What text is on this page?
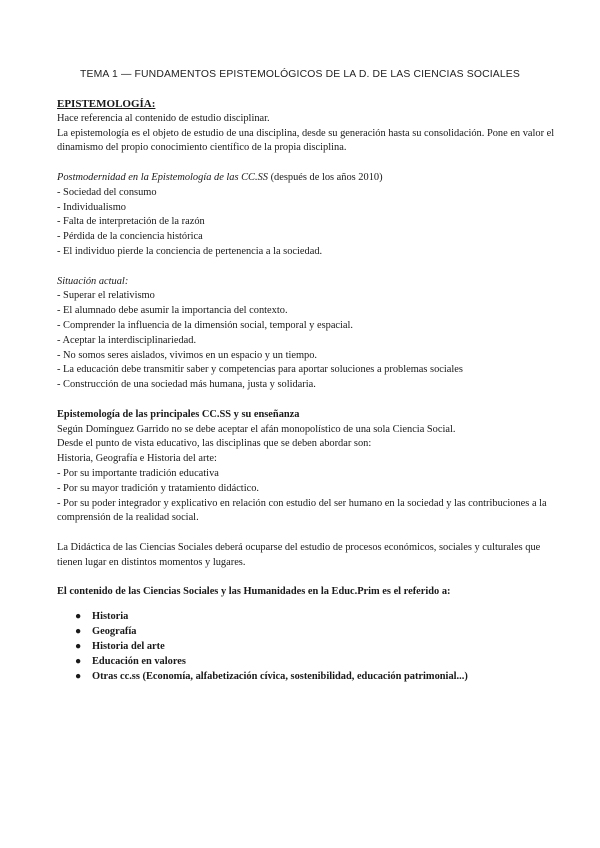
TEMA 1 — FUNDAMENTOS EPISTEMOLÓGICOS DE LA D. DE LAS CIENCIAS SOCIALES
EPISTEMOLOGÍA:
Hace referencia al contenido de estudio disciplinar.
La epistemología es el objeto de estudio de una disciplina, desde su generación hasta su consolidación. Pone en valor el dinamismo del propio conocimiento científico de la propia disciplina.
Postmodernidad en la Epistemología de las CC.SS (después de los años 2010)
- Sociedad del consumo
- Individualismo
- Falta de interpretación de la razón
- Pérdida de la conciencia histórica
- El individuo pierde la conciencia de pertenencia a la sociedad.
Situación actual:
- Superar el relativismo
- El alumnado debe asumir la importancia del contexto.
- Comprender la influencia de la dimensión social, temporal y espacial.
- Aceptar la interdisciplinariedad.
- No somos seres aislados, vivimos en un espacio y un tiempo.
- La educación debe transmitir saber y competencias para aportar soluciones a problemas sociales
- Construcción de una sociedad más humana, justa y solidaria.
Epistemología de las principales CC.SS y su enseñanza
Según Domínguez Garrido no se debe aceptar el afán monopolístico de una sola Ciencia Social.
Desde el punto de vista educativo, las disciplinas que se deben abordar son:
Historia, Geografía e Historia del arte:
- Por su importante tradición educativa
- Por su mayor tradición y tratamiento didáctico.
- Por su poder integrador y explicativo en relación con estudio del ser humano en la sociedad y las contribuciones a la comprensión de la realidad social.
La Didáctica de las Ciencias Sociales deberá ocuparse del estudio de procesos económicos, sociales y culturales que tienen lugar en distintos momentos y lugares.
El contenido de las Ciencias Sociales y las Humanidades en la Educ.Prim es el referido a:
● Historia
● Geografía
● Historia del arte
● Educación en valores
● Otras cc.ss (Economía, alfabetización cívica, sostenibilidad, educación patrimonial...)
